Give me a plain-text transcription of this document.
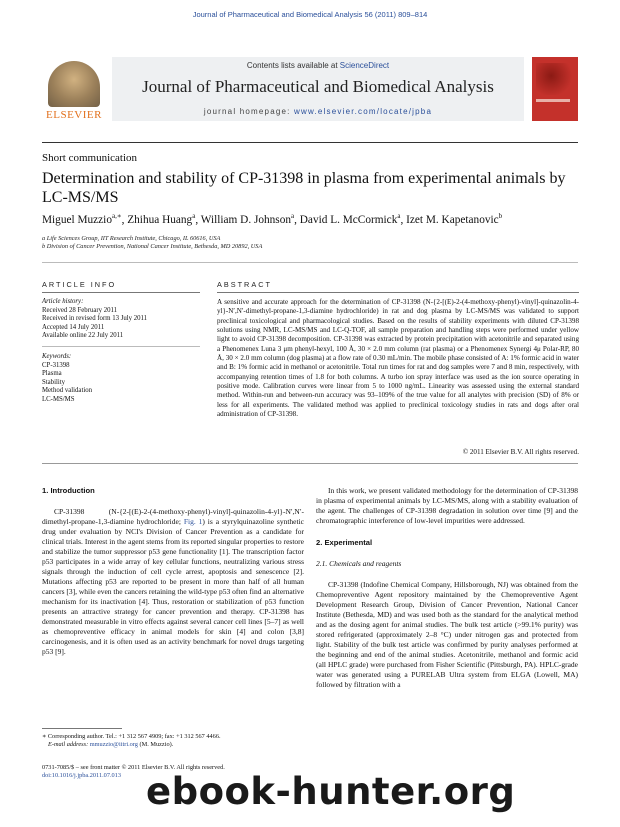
Journal of Pharmaceutical and Biomedical Analysis 56 (2011) 809–814
ELSEVIER
Contents lists available at ScienceDirect
Journal of Pharmaceutical and Biomedical Analysis
journal homepage: www.elsevier.com/locate/jpba
Short communication
Determination and stability of CP-31398 in plasma from experimental animals by LC-MS/MS
Miguel Muzzio$^{a,∗}$, Zhihua Huang$^a$, William D. Johnson$^a$, David L. McCormick$^a$, Izet M. Kapetanovic$^b$
a Life Sciences Group, IIT Research Institute, Chicago, IL 60616, USA
b Division of Cancer Prevention, National Cancer Institute, Bethesda, MD 20892, USA
ARTICLE INFO	ABSTRACT
Article history:
Received 28 February 2011
Received in revised form 13 July 2011
Accepted 14 July 2011
Available online 22 July 2011
Keywords:
CP-31398
Plasma
Stability
Method validation
LC-MS/MS
A sensitive and accurate approach for the determination of CP-31398 (N-{2-[(E)-2-(4-methoxy-phenyl)-vinyl]-quinazolin-4-yl}-N′,N′-dimethyl-propane-1,3-diamine hydrochloride) in rat and dog plasma by LC-MS/MS was validated to support preclinical toxicological and pharmacological studies. Based on the results of stability experiments with diluted CP-31398 solutions using NMR, LC-MS/MS and LC-Q-TOF, all sample preparation and handling steps were performed under yellow light to avoid CP-31398 decomposition. CP-31398 was extracted by protein precipitation with acetonitrile and separated using a Phenomenex Luna 3 μm phenyl-hexyl, 100 Å, 30 × 2.0 mm column (rat plasma) or a Phenomenex Synergi 4μ Polar-RP, 80 Å, 30 × 2.0 mm column (dog plasma) at a flow rate of 0.30 mL/min. The mobile phase consisted of A: 1% formic acid in water and B: 1% formic acid in methanol or acetonitrile. Total run times for rat and dog samples were 7 and 8 min, respectively, with accompanying retention times of 1.8 for both columns. A turbo ion spray interface was used as the ion source operating in positive mode. Calibration curves were linear from 5 to 1000 ng/mL. Linearity was assessed using the external standard method. Within-run and between-run accuracy was 93–109% of the true value for all analytes with precision (SD) of 8% or less for all experiments. The validated method was applied to preclinical toxicology studies in rats and dogs after oral administration of CP-31398.
© 2011 Elsevier B.V. All rights reserved.
1. Introduction
CP-31398 (N-{2-[(E)-2-(4-methoxy-phenyl)-vinyl]-quinazolin-4-yl}-N′,N′-dimethyl-propane-1,3-diamine hydrochloride; Fig. 1) is a styrylquinazoline synthetic drug under evaluation by NCI's Division of Cancer Prevention as a candidate for clinical trials. Interest in the agent stems from its reported singular properties to restore and stabilize the tumor suppressor p53 gene functionality [1]. The transcription factor p53 participates in a wide array of key cellular functions, neutralizing various stress signals through the induction of cell cycle arrest, apoptosis and senescence [2]. Mutations affecting p53 are reported to be present in more than half of all human cancers [3], while even the cancers retaining the wild-type p53 often find an alternative mechanism for its inactivation [4]. Thus, restoration or stabilization of p53 function presents an attractive strategy for cancer prevention and therapy. CP-31398 has demonstrated measurable in vitro effects against several cancer cell lines [5–7] as well as chemopreventive efficacy in animal models for skin [4] and colon [3,8] carcinogenesis, and it is often used as an activity benchmark for novel drugs targeting p53 [9].
In this work, we present validated methodology for the determination of CP-31398 in plasma of experimental animals by LC-MS/MS, along with a stability evaluation of the agent. The challenges of CP-31398 degradation in solution over time [9] and the chromatographic interference of low-level impurities were addressed.
2. Experimental
2.1. Chemicals and reagents
CP-31398 (Indofine Chemical Company, Hillsborough, NJ) was obtained from the Chemopreventive Agent repository maintained by the Chemopreventive Agent Development Research Group, Division of Cancer Prevention, National Cancer Institute (Bethesda, MD) and was used both as the standard for the analytical method and as the dosing agent for animal studies. The bulk test article (>99.1% purity) was stored refrigerated (approximately 2–8 °C) under nitrogen gas and protected from light. Stability of the bulk test article was confirmed by purity analyses performed at the beginning and end of the animal studies. Acetonitrile, methanol and formic acid (all HPLC grade) were purchased from Fisher Scientific (Pittsburgh, PA). HPLC-grade water was generated using a PURELAB Ultra system from ELGA (Lowell, MA) followed by filtration with a
∗ Corresponding author. Tel.: +1 312 567 4909; fax: +1 312 567 4466.
E-mail address: mmuzzio@iitri.org (M. Muzzio).
0731-7085/$ – see front matter © 2011 Elsevier B.V. All rights reserved.
doi:10.1016/j.jpba.2011.07.013 ebook-hunter.org
